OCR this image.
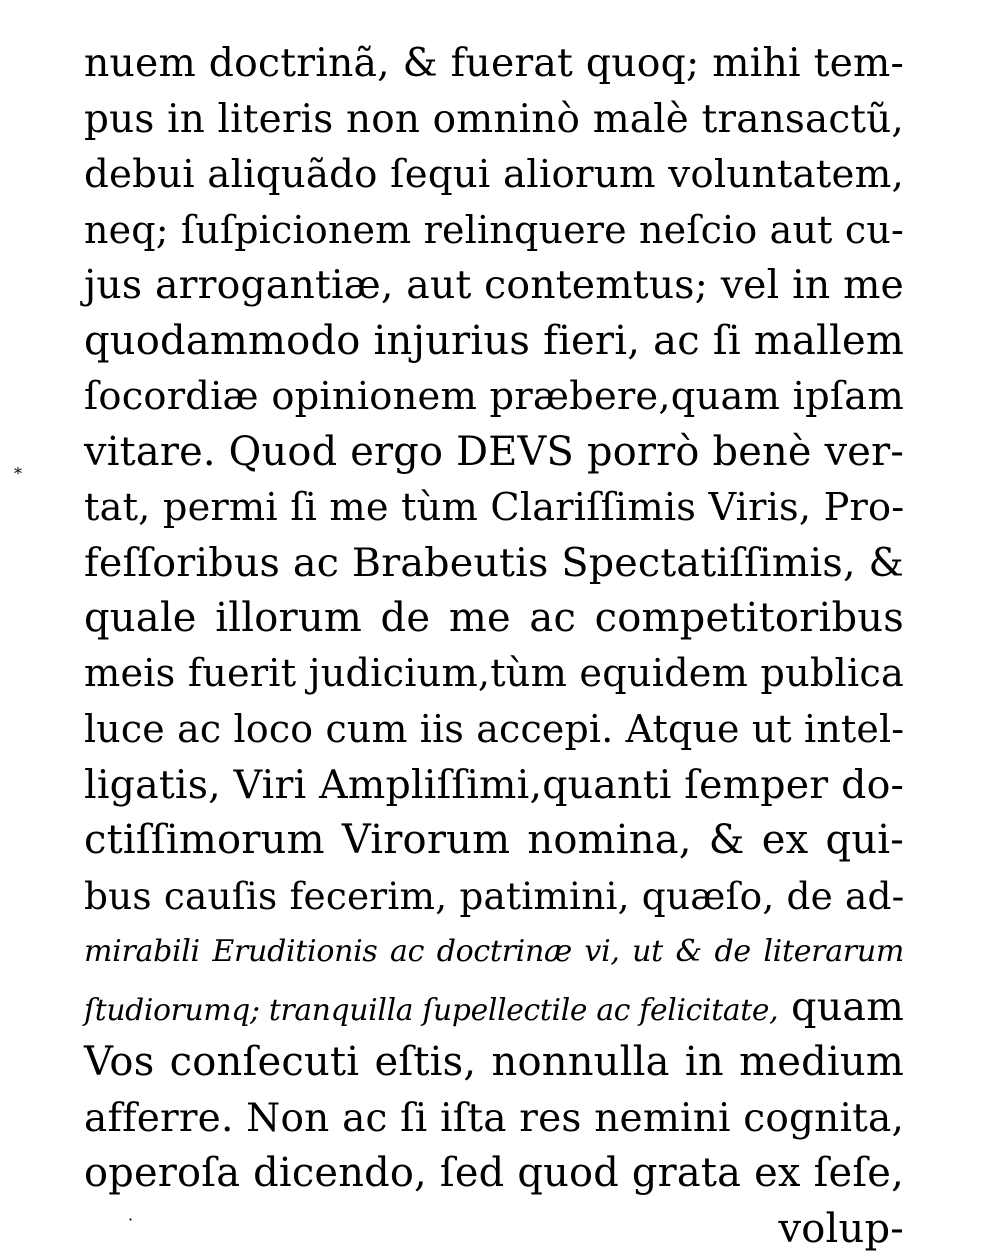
nuem doctrinã, & fuerat quoq; mihi tem-
pus in literis non omninò malè transactũ,
debui aliquãdo ſequi aliorum voluntatem,
neq; ſuſpicionem relinquere neſcio aut cu-
jus arrogantiæ, aut contemtus; vel in me
quodammodo injurius fieri, ac ſi mallem
ſocordiæ opinionem præbere,quam ipſam
vitare. Quod ergo DEVS porrò benè ver-
tat, permi ſi me tùm Clariſſimis Viris, Pro-
feſſoribus ac Brabeutis Spectatiſſimis, &
quale illorum de me ac competitoribus
meis fuerit judicium,tùm equidem publica
luce ac loco cum iis accepi. Atque ut intel-
ligatis, Viri Ampliſſimi,quanti ſemper do-
ctiſſimorum Virorum nomina, & ex qui-
bus cauſis fecerim, patimini, quæſo, de ad-
mirabili Eruditionis ac doctrinæ vi, ut & de literarum
ſtudiorumq; tranquilla ſupellectile ac felicitate, quam
Vos conſecuti eſtis, nonnulla in medium
afferre. Non ac ſi iſta res nemini cognita,
operoſa dicendo, ſed quod grata ex ſeſe,
volup-
*
·
